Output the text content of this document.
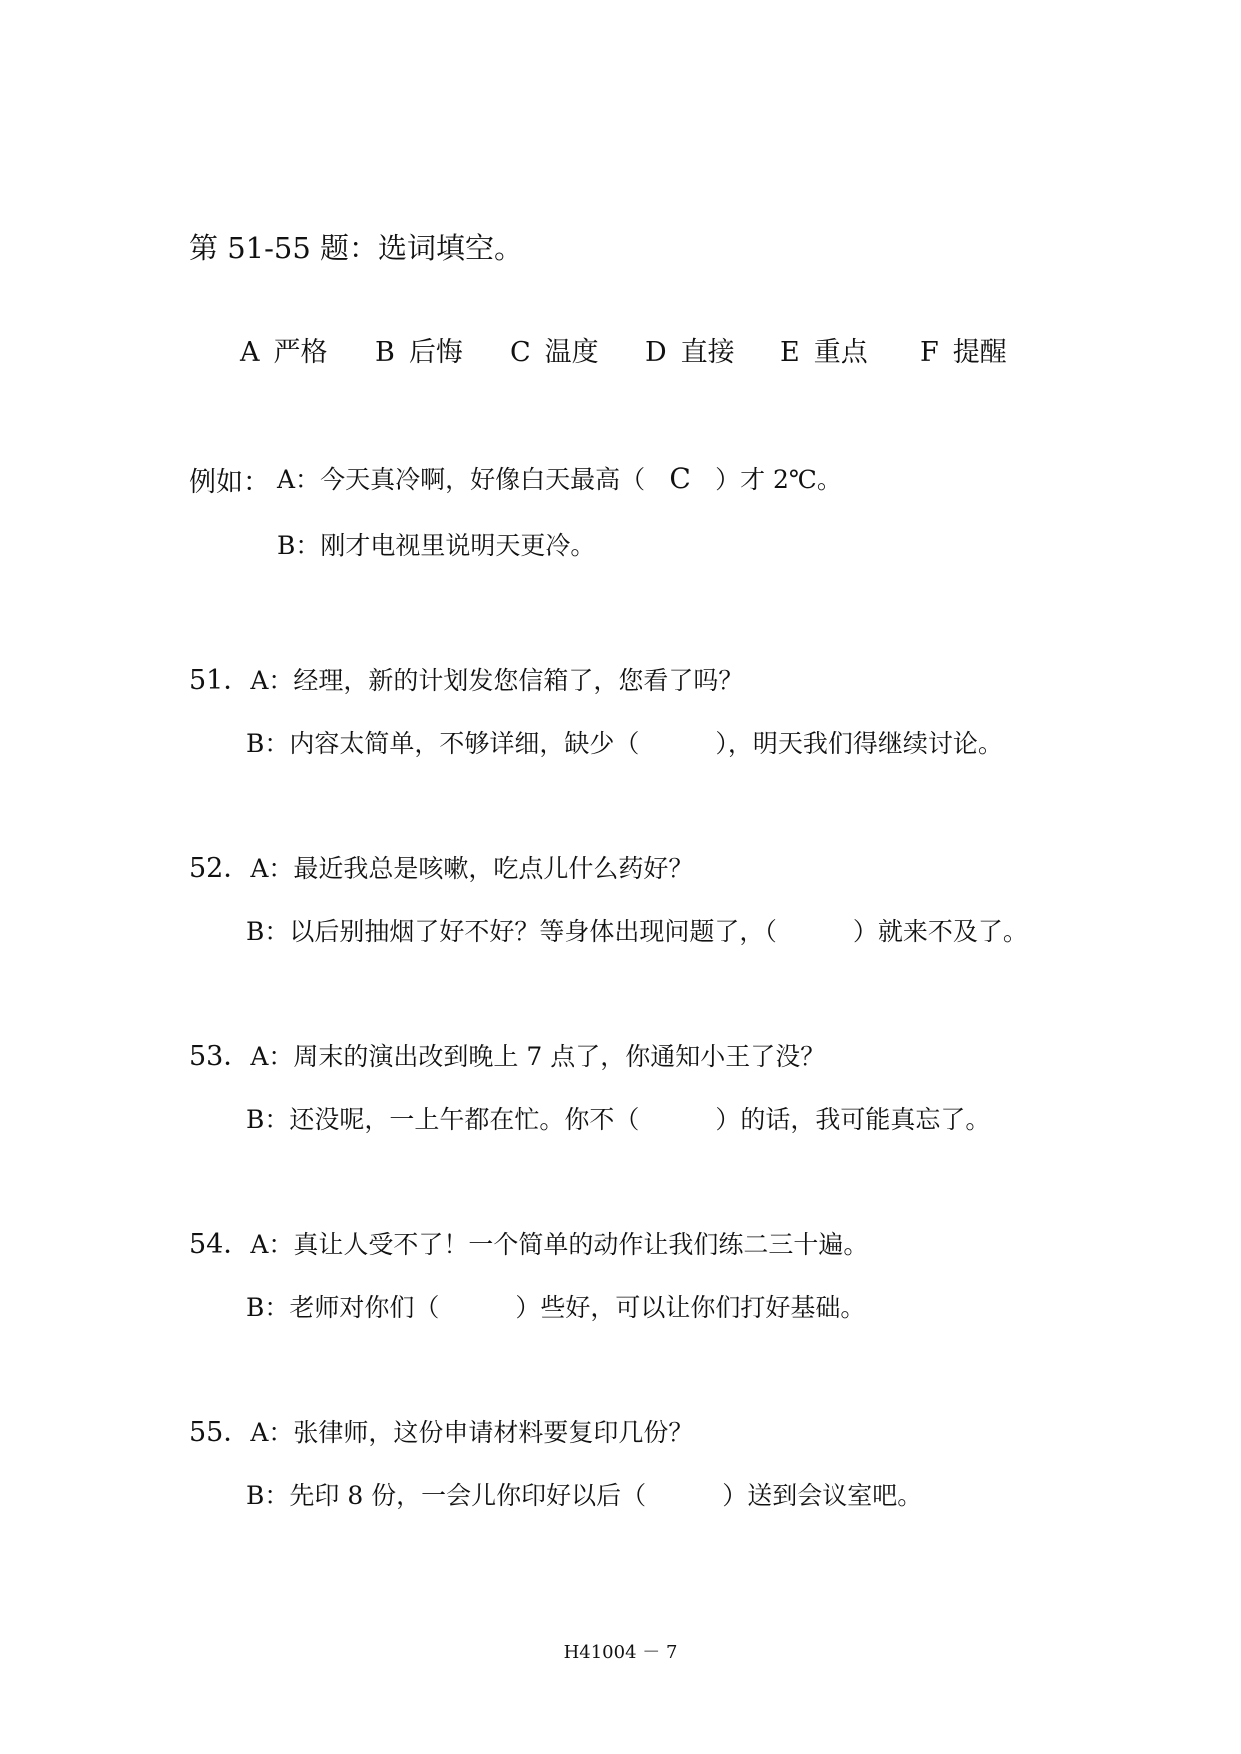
第 51-55 题：选词填空。
A 严格 B 后悔 C 温度 D 直接 E 重点 F 提醒
例如： A：今天真冷啊，好像白天最高（ C ）才 2℃。
B：刚才电视里说明天更冷。
51．A：经理，新的计划发您信箱了，您看了吗？
B：内容太简单，不够详细，缺少（	），明天我们得继续讨论。
52．A：最近我总是咳嗽，吃点儿什么药好？
B：以后别抽烟了好不好？等身体出现问题了，（	）就来不及了。
53．A：周末的演出改到晚上 7 点了，你通知小王了没？
B：还没呢，一上午都在忙。你不（	）的话，我可能真忘了。
54．A：真让人受不了！一个简单的动作让我们练二三十遍。
B：老师对你们（	）些好，可以让你们打好基础。
55．A：张律师，这份申请材料要复印几份？
B：先印 8 份，一会儿你印好以后（	）送到会议室吧。
H41004 － 7
